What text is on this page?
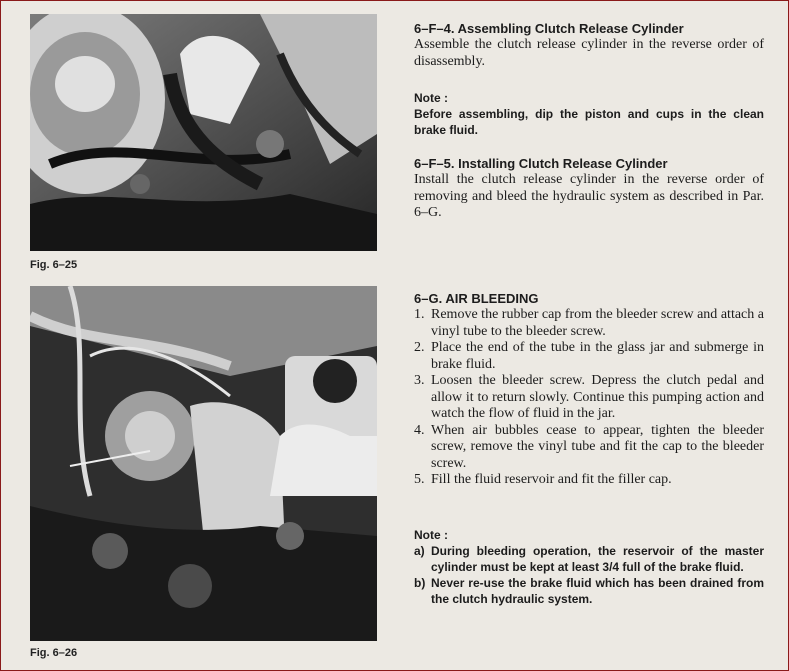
Fig. 6–25
Fig. 6–26
6–F–4. Assembling Clutch Release Cylinder

Assemble the clutch release cylinder in the reverse order of disassembly.

Note :

Before assembling, dip the piston and cups in the clean brake fluid.

6–F–5. Installing Clutch Release Cylinder

Install the clutch release cylinder in the reverse order of removing and bleed the hydraulic system as described in Par. 6–G.

6–G. AIR BLEEDING
1. Remove the rubber cap from the bleeder screw and attach a vinyl tube to the bleeder screw.
2. Place the end of the tube in the glass jar and submerge in brake fluid.
3. Loosen the bleeder screw. Depress the clutch pedal and allow it to return slowly. Continue this pumping action and watch the flow of fluid in the jar.
4. When air bubbles cease to appear, tighten the bleeder screw, remove the vinyl tube and fit the cap to the bleeder screw.
5. Fill the fluid reservoir and fit the filler cap.
Note :
a) During bleeding operation, the reservoir of the master cylinder must be kept at least 3/4 full of the brake fluid.
b) Never re-use the brake fluid which has been drained from the clutch hydraulic system.
